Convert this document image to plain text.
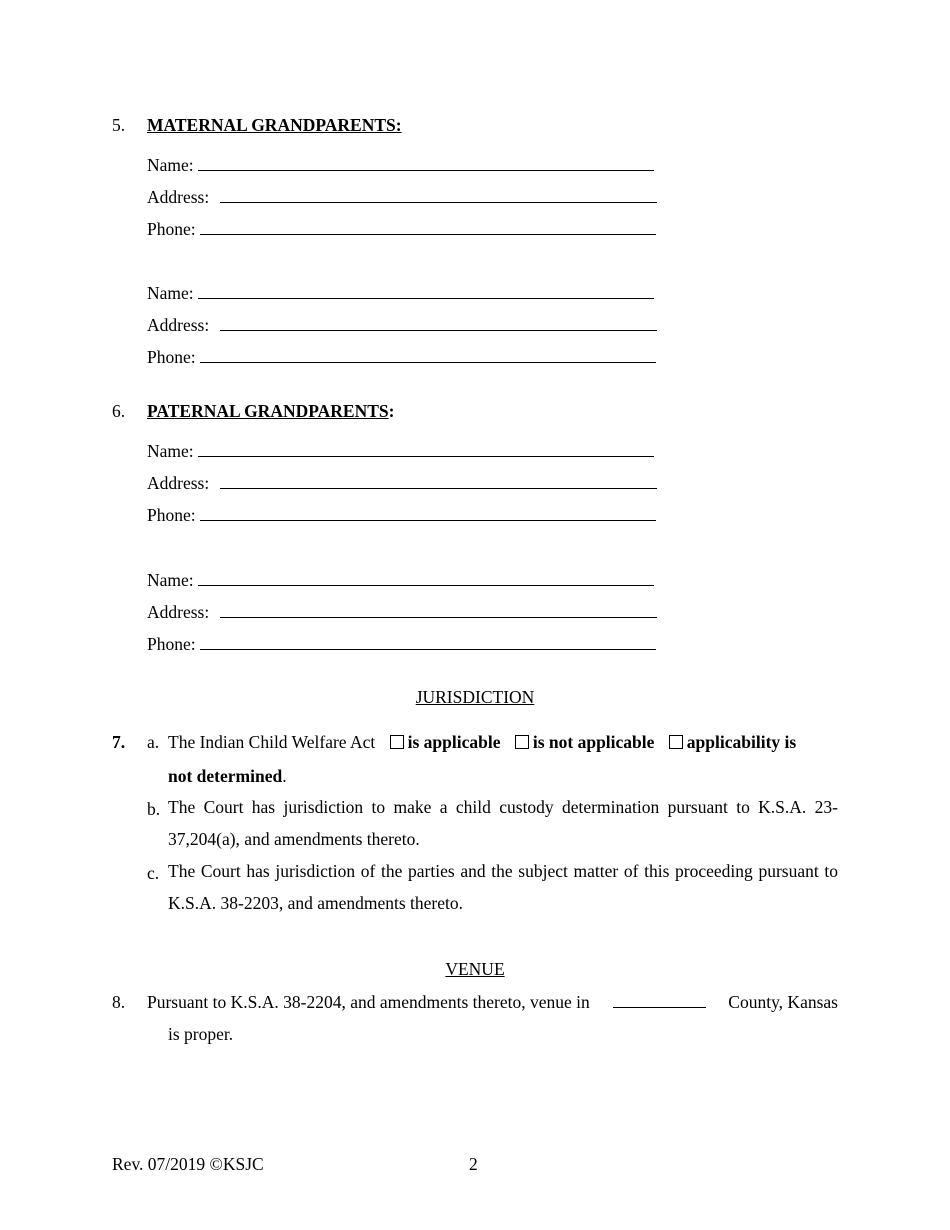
5. MATERNAL GRANDPARENTS:
Name:
Address:
Phone:
Name:
Address:
Phone:
6. PATERNAL GRANDPARENTS:
Name:
Address:
Phone:
Name:
Address:
Phone:
JURISDICTION
7. a. The Indian Child Welfare Act is applicable is not applicable applicability is
not determined.
b. The Court has jurisdiction to make a child custody determination pursuant to K.S.A. 23-37,204(a), and amendments thereto.
c. The Court has jurisdiction of the parties and the subject matter of this proceeding pursuant to K.S.A. 38-2203, and amendments thereto.
VENUE
8. Pursuant to K.S.A. 38-2204, and amendments thereto, venue in	County, Kansas
is proper.
Rev. 07/2019 ©KSJC	2
